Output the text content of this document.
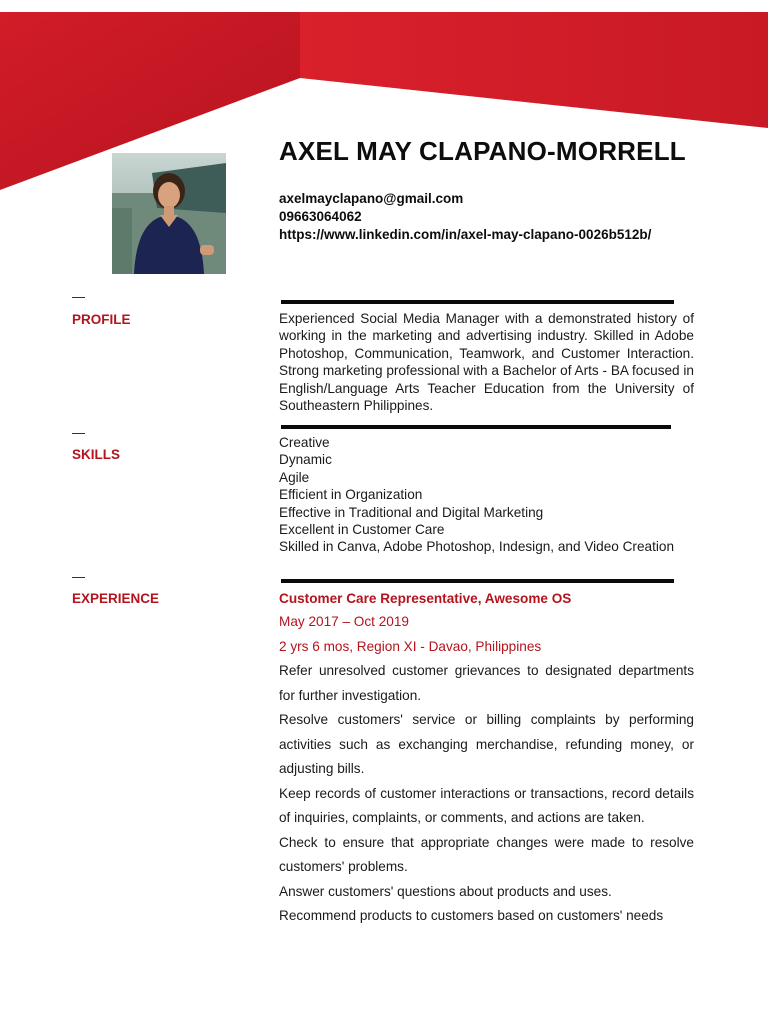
AXEL MAY CLAPANO-MORRELL
axelmayclapano@gmail.com
09663064062
https://www.linkedin.com/in/axel-may-clapano-0026b512b/
—
PROFILE	Experienced Social Media Manager with a demonstrated history of working in the marketing and advertising industry. Skilled in Adobe Photoshop, Communication, Teamwork, and Customer Interaction. Strong marketing professional with a Bachelor of Arts - BA focused in English/Language Arts Teacher Education from the University of Southeastern Philippines.
—
SKILLS
Creative
Dynamic
Agile
Efficient in Organization
Effective in Traditional and Digital Marketing
Excellent in Customer Care
Skilled in Canva, Adobe Photoshop, Indesign, and Video Creation
—
EXPERIENCE	Customer Care Representative, Awesome OS
May 2017 – Oct 2019
2 yrs 6 mos, Region XI - Davao, Philippines
Refer unresolved customer grievances to designated departments for further investigation.
Resolve customers' service or billing complaints by performing activities such as exchanging merchandise, refunding money, or adjusting bills.
Keep records of customer interactions or transactions, record details of inquiries, complaints, or comments, and actions are taken.
Check to ensure that appropriate changes were made to resolve customers' problems.
Answer customers' questions about products and uses.
Recommend products to customers based on customers' needs
